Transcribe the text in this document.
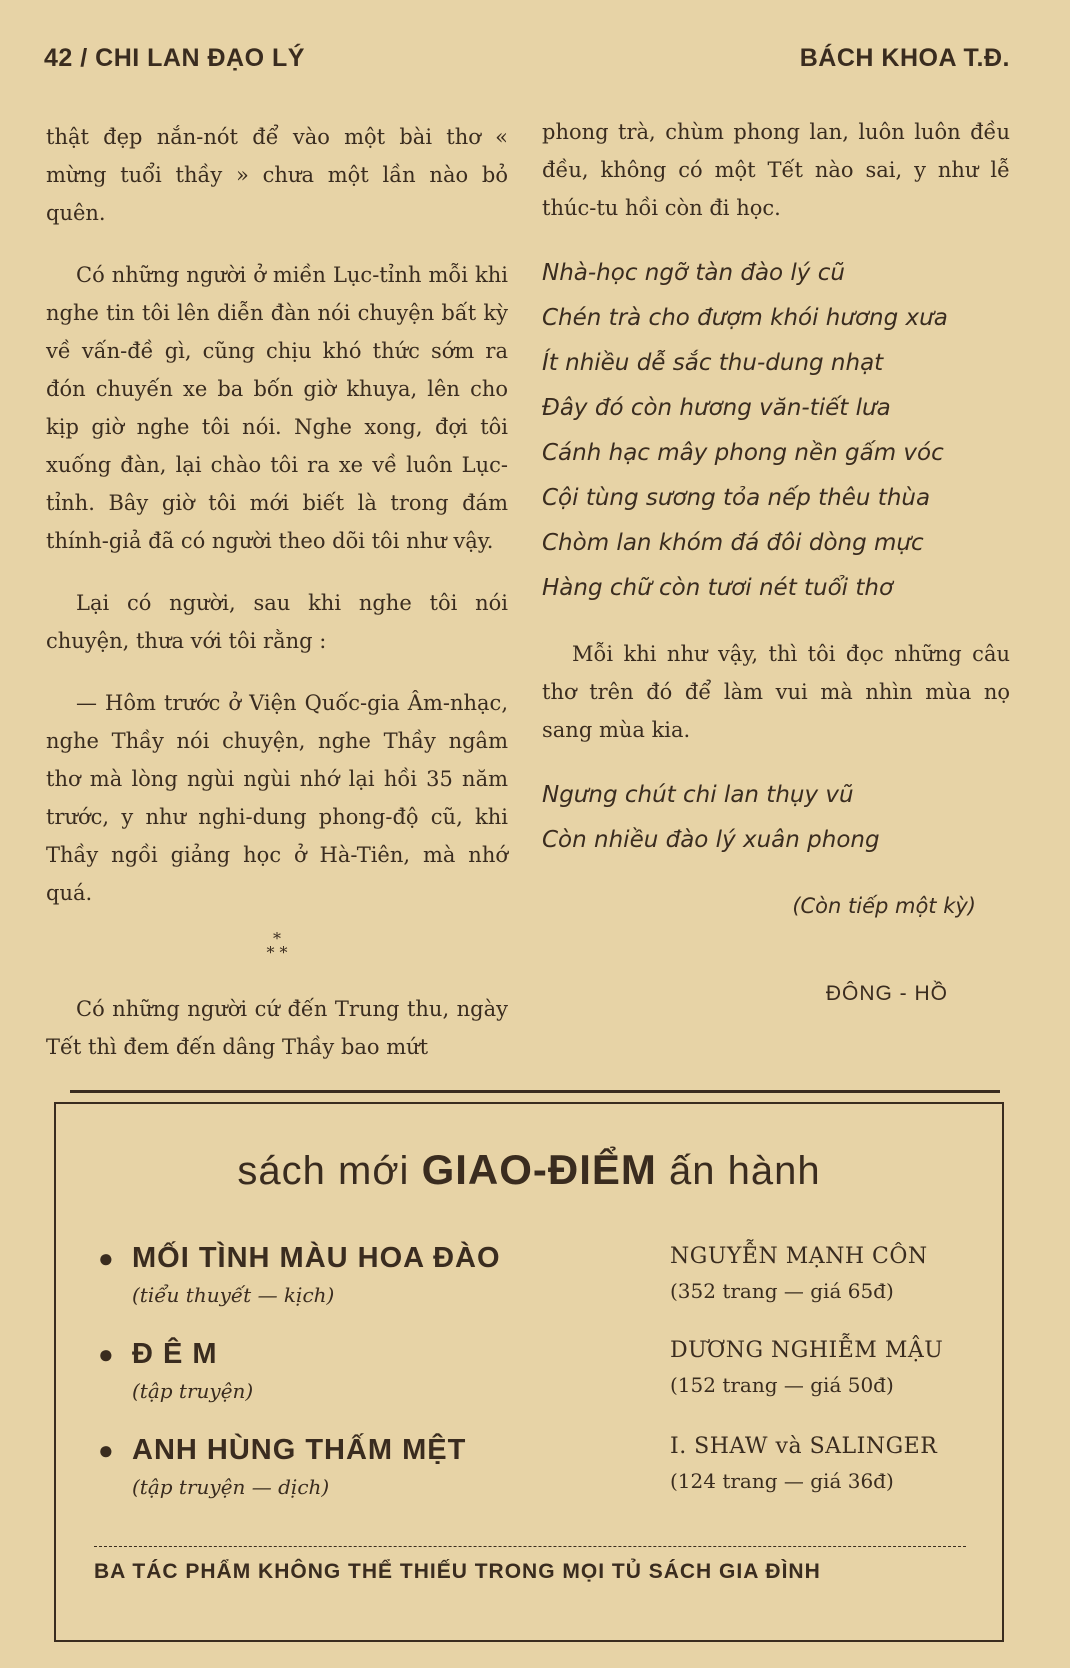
42 / CHI LAN ĐẠO LÝ	BÁCH KHOA T.Đ.

thật đẹp nắn-nót để vào một bài thơ « mừng tuổi thầy » chưa một lần nào bỏ quên.

Có những người ở miền Lục-tỉnh mỗi khi nghe tin tôi lên diễn đàn nói chuyện bất kỳ về vấn-đề gì, cũng chịu khó thức sớm ra đón chuyến xe ba bốn giờ khuya, lên cho kịp giờ nghe tôi nói. Nghe xong, đợi tôi xuống đàn, lại chào tôi ra xe về luôn Lục-tỉnh. Bây giờ tôi mới biết là trong đám thính-giả đã có người theo dõi tôi như vậy.

Lại có người, sau khi nghe tôi nói chuyện, thưa với tôi rằng :

— Hôm trước ở Viện Quốc-gia Âm-nhạc, nghe Thầy nói chuyện, nghe Thầy ngâm thơ mà lòng ngùi ngùi nhớ lại hồi 35 năm trước, y như nghi-dung phong-độ cũ, khi Thầy ngồi giảng học ở Hà-Tiên, mà nhớ quá.

*
* *

Có những người cứ đến Trung thu, ngày Tết thì đem đến dâng Thầy bao mứt

phong trà, chùm phong lan, luôn luôn đều đều, không có một Tết nào sai, y như lễ thúc-tu hồi còn đi học.

Nhà-học ngỡ tàn đào lý cũ
Chén trà cho đượm khói hương xưa
Ít nhiều dễ sắc thu-dung nhạt
Đây đó còn hương văn-tiết lưa
Cánh hạc mây phong nền gấm vóc
Cội tùng sương tỏa nếp thêu thùa
Chòm lan khóm đá đôi dòng mực
Hàng chữ còn tươi nét tuổi thơ

Mỗi khi như vậy, thì tôi đọc những câu thơ trên đó để làm vui mà nhìn mùa nọ sang mùa kia.

Ngưng chút chi lan thụy vũ
Còn nhiều đào lý xuân phong
(Còn tiếp một kỳ)
ĐÔNG - HỒ
sách mới GIAO-ĐIỂM ấn hành
● MỐI TÌNH MÀU HOA ĐÀO
(tiểu thuyết — kịch)
NGUYỄN MẠNH CÔN
(352 trang — giá 65đ)
● Đ Ê M
(tập truyện)
DƯƠNG NGHIỄM MẬU
(152 trang — giá 50đ)
● ANH HÙNG THẤM MỆT
(tập truyện — dịch)
I. SHAW và SALINGER
(124 trang — giá 36đ)
BA TÁC PHẨM KHÔNG THỂ THIẾU TRONG MỌI TỦ SÁCH GIA ĐÌNH
